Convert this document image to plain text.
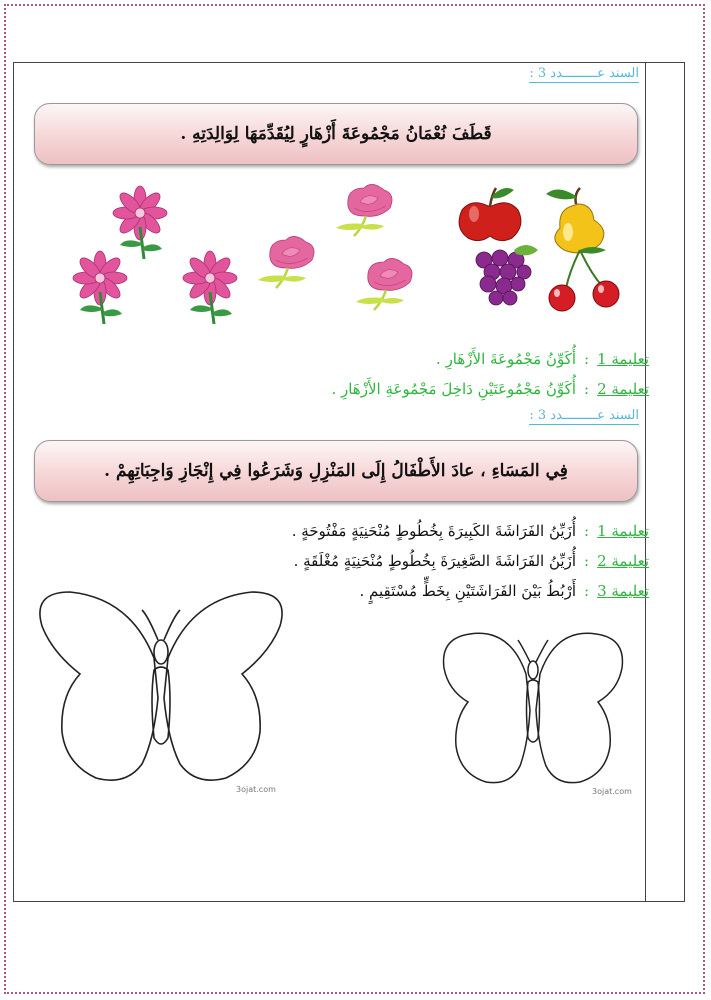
السند عـــــــــدد 3 :
قَطَفَ نُعْمَانُ مَجْمُوعَةَ أَزْهَارٍ لِيُقَدِّمَهَا لِوَالِدَتِهِ .
تعليمة 1
:
أُكَوِّنُ مَجْمُوعَةَ الأَزْهَارِ .
تعليمة 2
:
أُكَوِّنُ مَجْمُوعَتَيْنِ دَاخِلَ مَجْمُوعَةِ الأَزْهَارِ .
السند عـــــــــدد 3 :
فِي المَسَاءِ ، عادَ الأَطْفَالُ إِلَى المَنْزِلِ وَشَرَعُوا فِي إِنْجَازِ وَاجِبَاتِهِمْ .
تعليمة 1
:
أُزَيِّنُ الفَرَاشَةَ الكَبِيرَةَ بِخُطُوطٍ مُنْحَنِيَةٍ مَفْتُوحَةٍ .
تعليمة 2
:
أُزَيِّنُ الفَرَاشَةَ الصَّغِيرَةَ بِخُطُوطٍ مُنْحَنِيَةٍ مُغْلَقَةٍ .
تعليمة 3
:
أَرْبُطُ بَيْنَ الفَرَاشَتَيْنِ بِخَطٍّ مُسْتَقِيمٍ .
3ojat.com	3ojat.com
